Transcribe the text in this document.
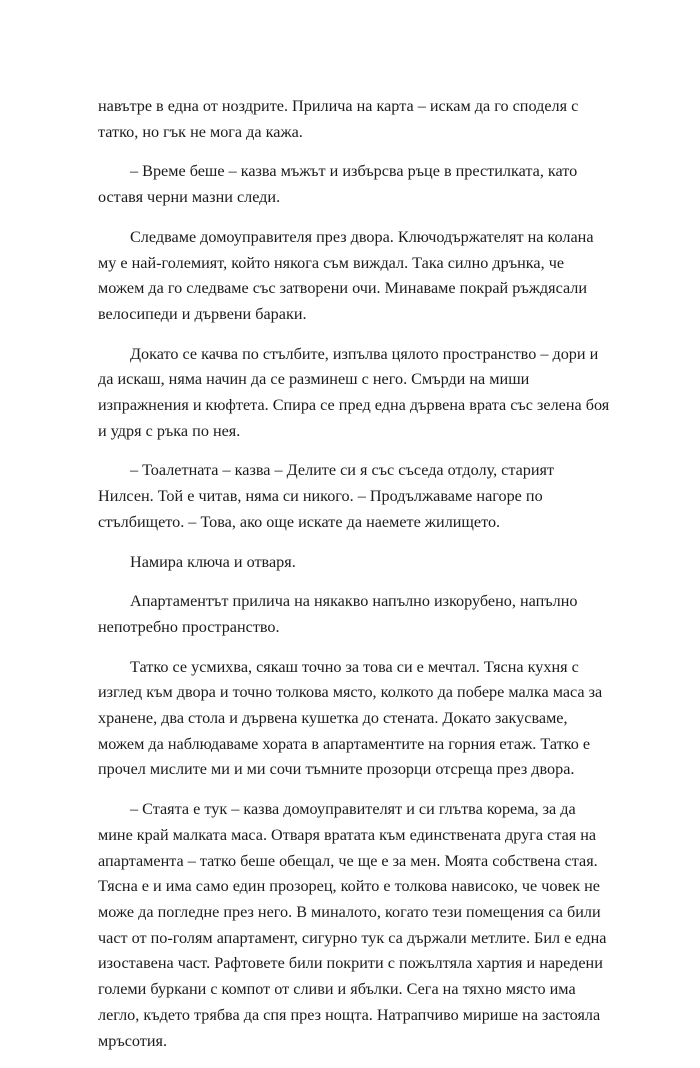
навътре в една от ноздрите. Прилича на карта – искам да го споделя с
татко, но гък не мога да кажа.

– Време беше – казва мъжът и избърсва ръце в престилката, като
оставя черни мазни следи.

Следваме домоуправителя през двора. Ключодържателят на колана
му е най-големият, който някога съм виждал. Така силно дрънка, че
можем да го следваме със затворени очи. Минаваме покрай ръждясали
велосипеди и дървени бараки.

Докато се качва по стълбите, изпълва цялото пространство – дори и
да искаш, няма начин да се разминеш с него. Смърди на миши
изпражнения и кюфтета. Спира се пред една дървена врата със зелена боя
и удря с ръка по нея.

– Тоалетната – казва – Делите си я със съседа отдолу, старият
Нилсен. Той е читав, няма си никого. – Продължаваме нагоре по
стълбището. – Това, ако още искате да наемете жилището.

Намира ключа и отваря.

Апартаментът прилича на някакво напълно изкорубено, напълно
непотребно пространство.

Татко се усмихва, сякаш точно за това си е мечтал. Тясна кухня с
изглед към двора и точно толкова място, колкото да побере малка маса за
хранене, два стола и дървена кушетка до стената. Докато закусваме,
можем да наблюдаваме хората в апартаментите на горния етаж. Татко е
прочел мислите ми и ми сочи тъмните прозорци отсреща през двора.

– Стаята е тук – казва домоуправителят и си глътва корема, за да
мине край малката маса. Отваря вратата към единствената друга стая на
апартамента – татко беше обещал, че ще е за мен. Моята собствена стая.
Тясна е и има само един прозорец, който е толкова нависоко, че човек не
може да погледне през него. В миналото, когато тези помещения са били
част от по-голям апартамент, сигурно тук са държали метлите. Бил е една
изоставена част. Рафтовете били покрити с пожълтяла хартия и наредени
големи буркани с компот от сливи и ябълки. Сега на тяхно място има
легло, където трябва да спя през нощта. Натрапчиво мирише на застояла
мръсотия.
